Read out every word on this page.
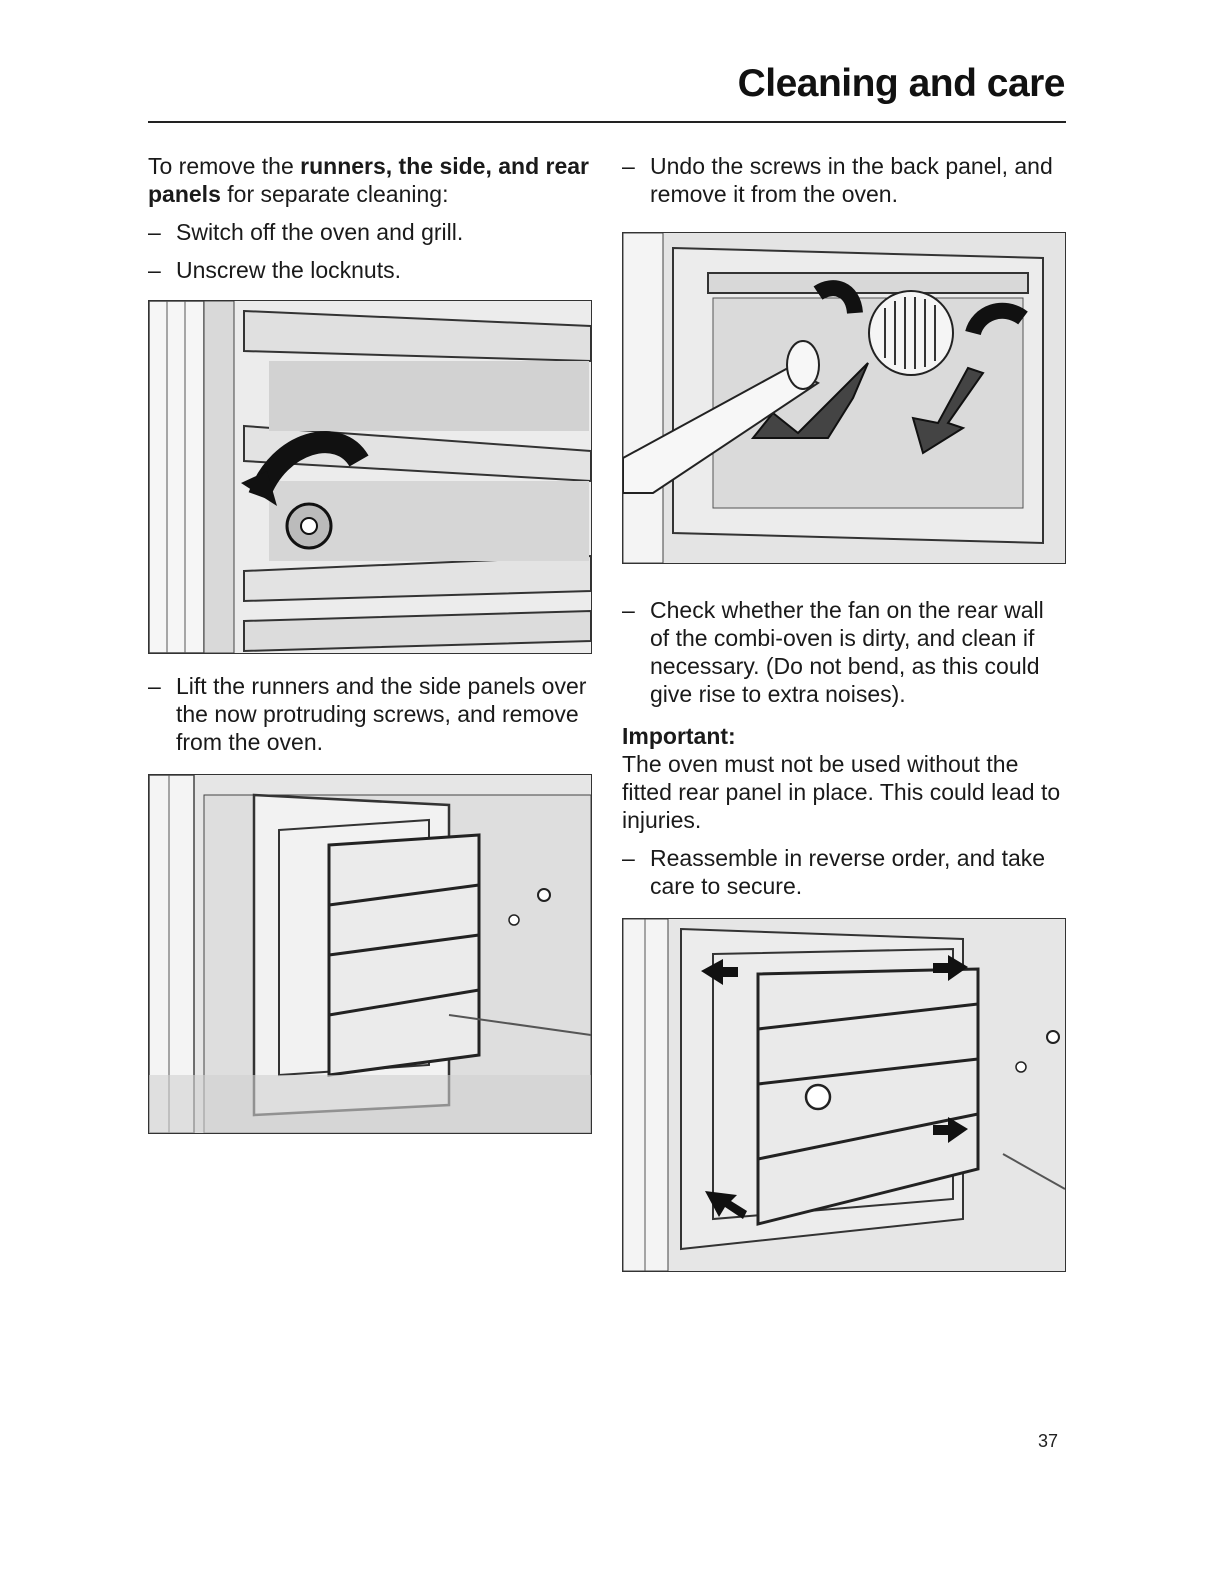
Cleaning and care

To remove the runners, the side, and rear panels for separate cleaning:

– Switch off the oven and grill.

– Unscrew the locknuts.

– Lift the runners and the side panels over the now protruding screws, and remove from the oven.

– Undo the screws in the back panel, and remove it from the oven.

– Check whether the fan on the rear wall of the combi-oven is dirty, and clean if necessary. (Do not bend, as this could give rise to extra noises).

Important:

The oven must not be used without the fitted rear panel in place. This could lead to injuries.

– Reassemble in reverse order, and take care to secure.

37
